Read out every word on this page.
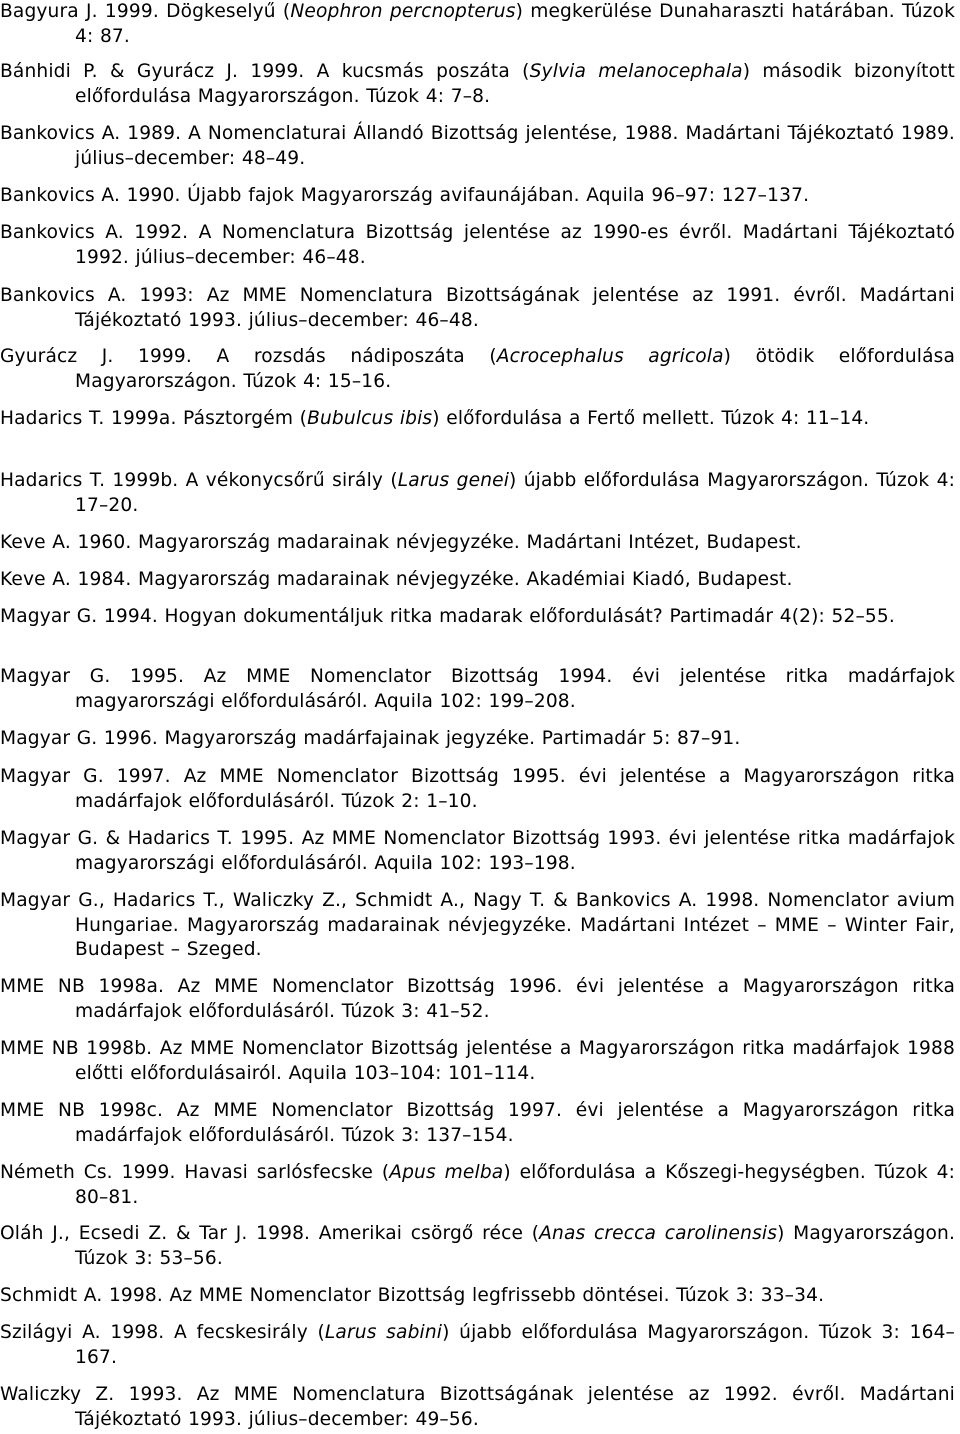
Bagyura J. 1999. Dögkeselyű (Neophron percnopterus) megkerülése Dunaharaszti határában. Túzok 4: 87.

Bánhidi P. & Gyurácz J. 1999. A kucsmás poszáta (Sylvia melanocephala) második bizonyított előfordulása Magyarországon. Túzok 4: 7–8.

Bankovics A. 1989. A Nomenclaturai Állandó Bizottság jelentése, 1988. Madártani Tájékoztató 1989. július–december: 48–49.

Bankovics A. 1990. Újabb fajok Magyarország avifaunájában. Aquila 96–97: 127–137.

Bankovics A. 1992. A Nomenclatura Bizottság jelentése az 1990-es évről. Madártani Tájékoztató 1992. július–december: 46–48.

Bankovics A. 1993: Az MME Nomenclatura Bizottságának jelentése az 1991. évről. Madártani Tájékoztató 1993. július–december: 46–48.

Gyurácz J. 1999. A rozsdás nádiposzáta (Acrocephalus agricola) ötödik előfordulása Magyarországon. Túzok 4: 15–16.

Hadarics T. 1999a. Pásztorgém (Bubulcus ibis) előfordulása a Fertő mellett. Túzok 4: 11–14.

Hadarics T. 1999b. A vékonycsőrű sirály (Larus genei) újabb előfordulása Magyarországon. Túzok 4: 17–20.

Keve A. 1960. Magyarország madarainak névjegyzéke. Madártani Intézet, Budapest.

Keve A. 1984. Magyarország madarainak névjegyzéke. Akadémiai Kiadó, Budapest.

Magyar G. 1994. Hogyan dokumentáljuk ritka madarak előfordulását? Partimadár 4(2): 52–55.

Magyar G. 1995. Az MME Nomenclator Bizottság 1994. évi jelentése ritka madárfajok magyarországi előfordulásáról. Aquila 102: 199–208.

Magyar G. 1996. Magyarország madárfajainak jegyzéke. Partimadár 5: 87–91.

Magyar G. 1997. Az MME Nomenclator Bizottság 1995. évi jelentése a Magyarországon ritka madárfajok előfordulásáról. Túzok 2: 1–10.

Magyar G. & Hadarics T. 1995. Az MME Nomenclator Bizottság 1993. évi jelentése ritka madárfajok magyarországi előfordulásáról. Aquila 102: 193–198.

Magyar G., Hadarics T., Waliczky Z., Schmidt A., Nagy T. & Bankovics A. 1998. Nomenclator avium Hungariae. Magyarország madarainak névjegyzéke. Madártani Intézet – MME – Winter Fair, Budapest – Szeged.

MME NB 1998a. Az MME Nomenclator Bizottság 1996. évi jelentése a Magyarországon ritka madárfajok előfordulásáról. Túzok 3: 41–52.

MME NB 1998b. Az MME Nomenclator Bizottság jelentése a Magyarországon ritka madárfajok 1988 előtti előfordulásairól. Aquila 103–104: 101–114.

MME NB 1998c. Az MME Nomenclator Bizottság 1997. évi jelentése a Magyarországon ritka madárfajok előfordulásáról. Túzok 3: 137–154.

Németh Cs. 1999. Havasi sarlósfecske (Apus melba) előfordulása a Kőszegi-hegységben. Túzok 4: 80–81.

Oláh J., Ecsedi Z. & Tar J. 1998. Amerikai csörgő réce (Anas crecca carolinensis) Magyarországon. Túzok 3: 53–56.

Schmidt A. 1998. Az MME Nomenclator Bizottság legfrissebb döntései. Túzok 3: 33–34.

Szilágyi A. 1998. A fecskesirály (Larus sabini) újabb előfordulása Magyarországon. Túzok 3: 164–167.

Waliczky Z. 1993. Az MME Nomenclatura Bizottságának jelentése az 1992. évről. Madártani Tájékoztató 1993. július–december: 49–56.
